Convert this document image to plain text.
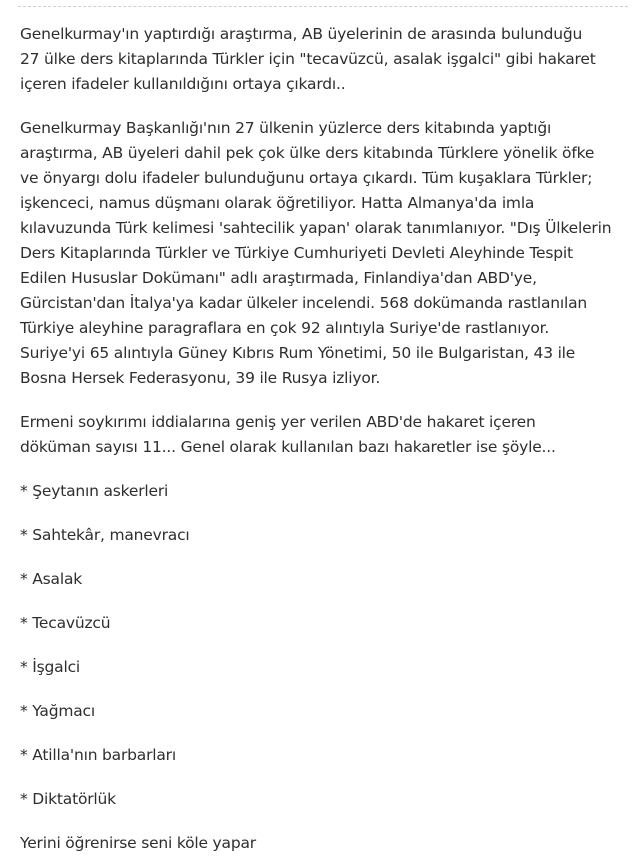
Genelkurmay'ın yaptırdığı araştırma, AB üyelerinin de arasında bulunduğu
27 ülke ders kitaplarında Türkler için "tecavüzcü, asalak işgalci" gibi hakaret
içeren ifadeler kullanıldığını ortaya çıkardı..

Genelkurmay Başkanlığı'nın 27 ülkenin yüzlerce ders kitabında yaptığı
araştırma, AB üyeleri dahil pek çok ülke ders kitabında Türklere yönelik öfke
ve önyargı dolu ifadeler bulunduğunu ortaya çıkardı. Tüm kuşaklara Türkler;
işkenceci, namus düşmanı olarak öğretiliyor. Hatta Almanya'da imla
kılavuzunda Türk kelimesi 'sahtecilik yapan' olarak tanımlanıyor. "Dış Ülkelerin
Ders Kitaplarında Türkler ve Türkiye Cumhuriyeti Devleti Aleyhinde Tespit
Edilen Hususlar Dokümanı" adlı araştırmada, Finlandiya'dan ABD'ye,
Gürcistan'dan İtalya'ya kadar ülkeler incelendi. 568 dokümanda rastlanılan
Türkiye aleyhine paragraflara en çok 92 alıntıyla Suriye'de rastlanıyor.
Suriye'yi 65 alıntıyla Güney Kıbrıs Rum Yönetimi, 50 ile Bulgaristan, 43 ile
Bosna Hersek Federasyonu, 39 ile Rusya izliyor.

Ermeni soykırımı iddialarına geniş yer verilen ABD'de hakaret içeren
döküman sayısı 11... Genel olarak kullanılan bazı hakaretler ise şöyle...

* Şeytanın askerleri
* Sahtekâr, manevracı
* Asalak
* Tecavüzcü
* İşgalci
* Yağmacı
* Atilla'nın barbarları
* Diktatörlük

Yerini öğrenirse seni köle yapar
